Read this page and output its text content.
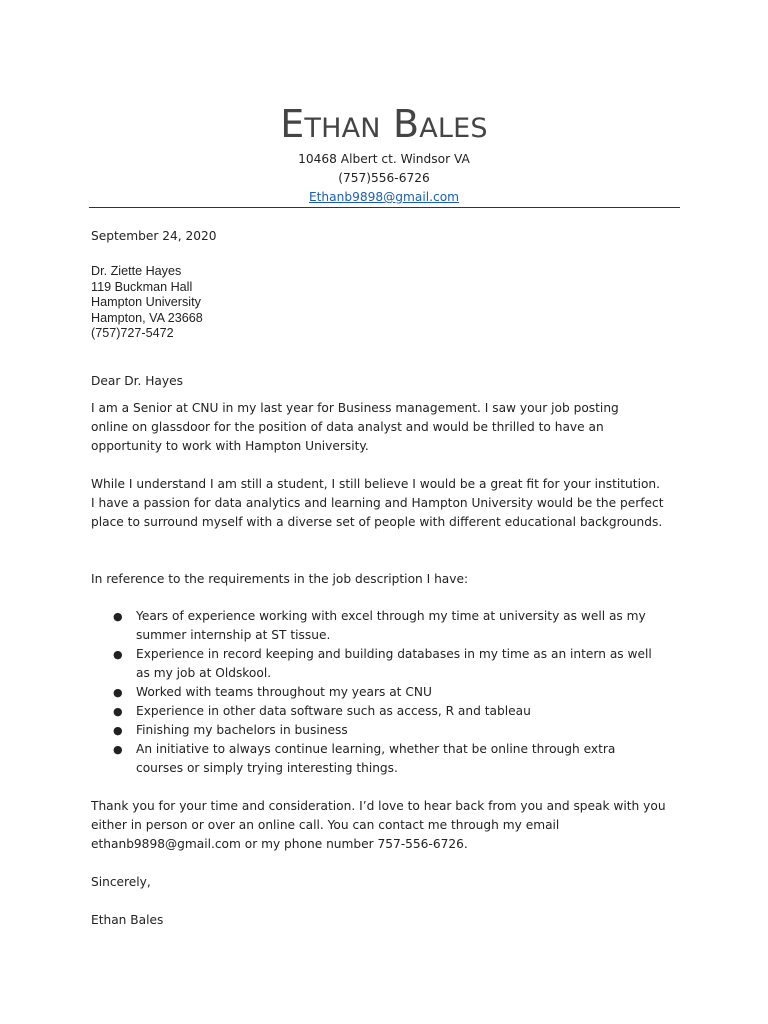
Ethan Bales
10468 Albert ct. Windsor VA
(757)556-6726
Ethanb9898@gmail.com
September 24, 2020
Dr. Ziette Hayes
119 Buckman Hall
Hampton University
Hampton, VA 23668
(757)727-5472
Dear Dr. Hayes

I am a Senior at CNU in my last year for Business management. I saw your job posting online on glassdoor for the position of data analyst and would be thrilled to have an opportunity to work with Hampton University.

While I understand I am still a student, I still believe I would be a great fit for your institution. I have a passion for data analytics and learning and Hampton University would be the perfect place to surround myself with a diverse set of people with different educational backgrounds.

In reference to the requirements in the job description I have:

● Years of experience working with excel through my time at university as well as my summer internship at ST tissue.
● Experience in record keeping and building databases in my time as an intern as well as my job at Oldskool.
● Worked with teams throughout my years at CNU
● Experience in other data software such as access, R and tableau
● Finishing my bachelors in business
● An initiative to always continue learning, whether that be online through extra courses or simply trying interesting things.

Thank you for your time and consideration. I’d love to hear back from you and speak with you either in person or over an online call. You can contact me through my email ethanb9898@gmail.com or my phone number 757-556-6726.

Sincerely,
Ethan Bales
